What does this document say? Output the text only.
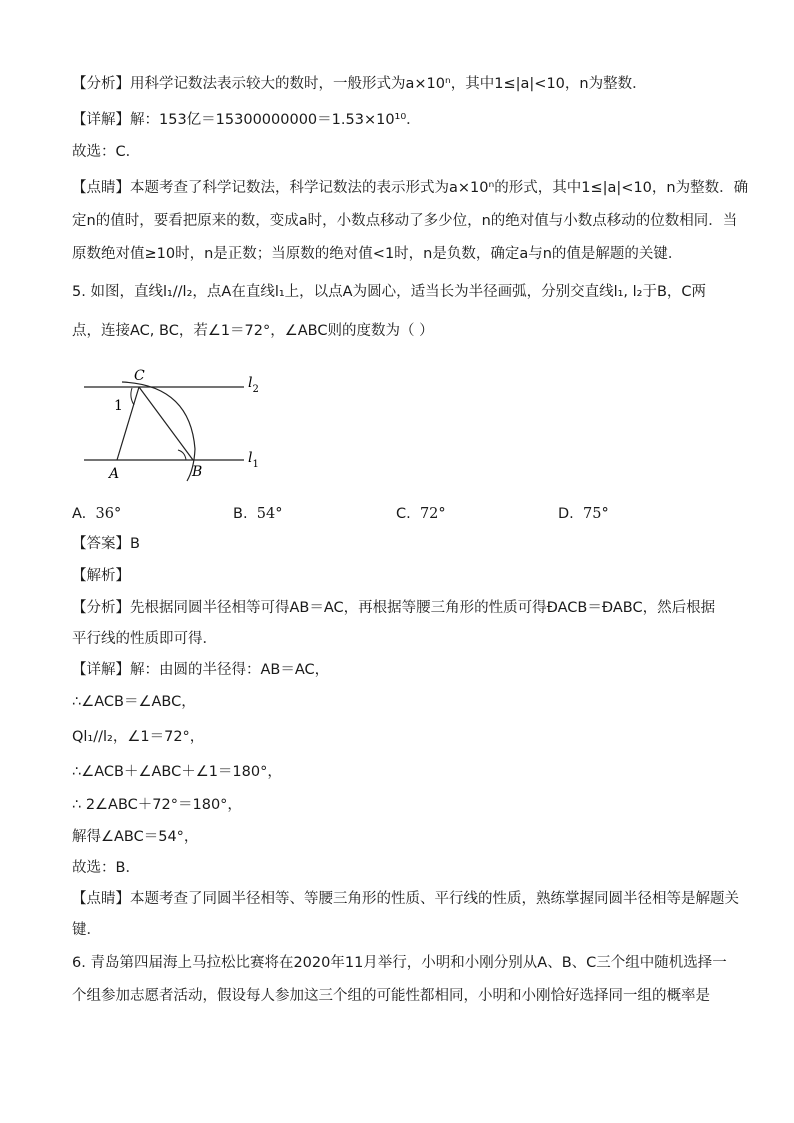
【分析】用科学记数法表示较大的数时，一般形式为a×10ⁿ，其中1≤|a|<10，n为整数．
【详解】解：153亿＝15300000000＝1.53×10¹⁰．
故选：C．
【点睛】本题考查了科学记数法，科学记数法的表示形式为a×10ⁿ的形式，其中1≤|a|<10，n为整数．确
定n的值时，要看把原来的数，变成a时，小数点移动了多少位，n的绝对值与小数点移动的位数相同．当
原数绝对值≥10时，n是正数；当原数的绝对值<1时，n是负数，确定a与n的值是解题的关键．
5. 如图，直线l₁//l₂，点A在直线l₁上，以点A为圆心，适当长为半径画弧，分别交直线l₁, l₂于B，C两
点，连接AC, BC，若∠1＝72°，∠ABC则的度数为（ ）
C
1
A	B
$l_2$
$l_1$
A. 36°	B. 54°	C. 72°	D. 75°
【答案】B
【解析】
【分析】先根据同圆半径相等可得AB＝AC，再根据等腰三角形的性质可得ÐACB＝ÐABC，然后根据
平行线的性质即可得．
【详解】解：由圆的半径得：AB＝AC，
∴∠ACB＝∠ABC，
Ql₁//l₂，∠1＝72°，
∴∠ACB＋∠ABC＋∠1＝180°，
∴ 2∠ABC＋72°＝180°，
解得∠ABC＝54°，
故选：B．
【点睛】本题考查了同圆半径相等、等腰三角形的性质、平行线的性质，熟练掌握同圆半径相等是解题关
键．
6. 青岛第四届海上马拉松比赛将在2020年11月举行，小明和小刚分别从A、B、C三个组中随机选择一
个组参加志愿者活动，假设每人参加这三个组的可能性都相同，小明和小刚恰好选择同一组的概率是
